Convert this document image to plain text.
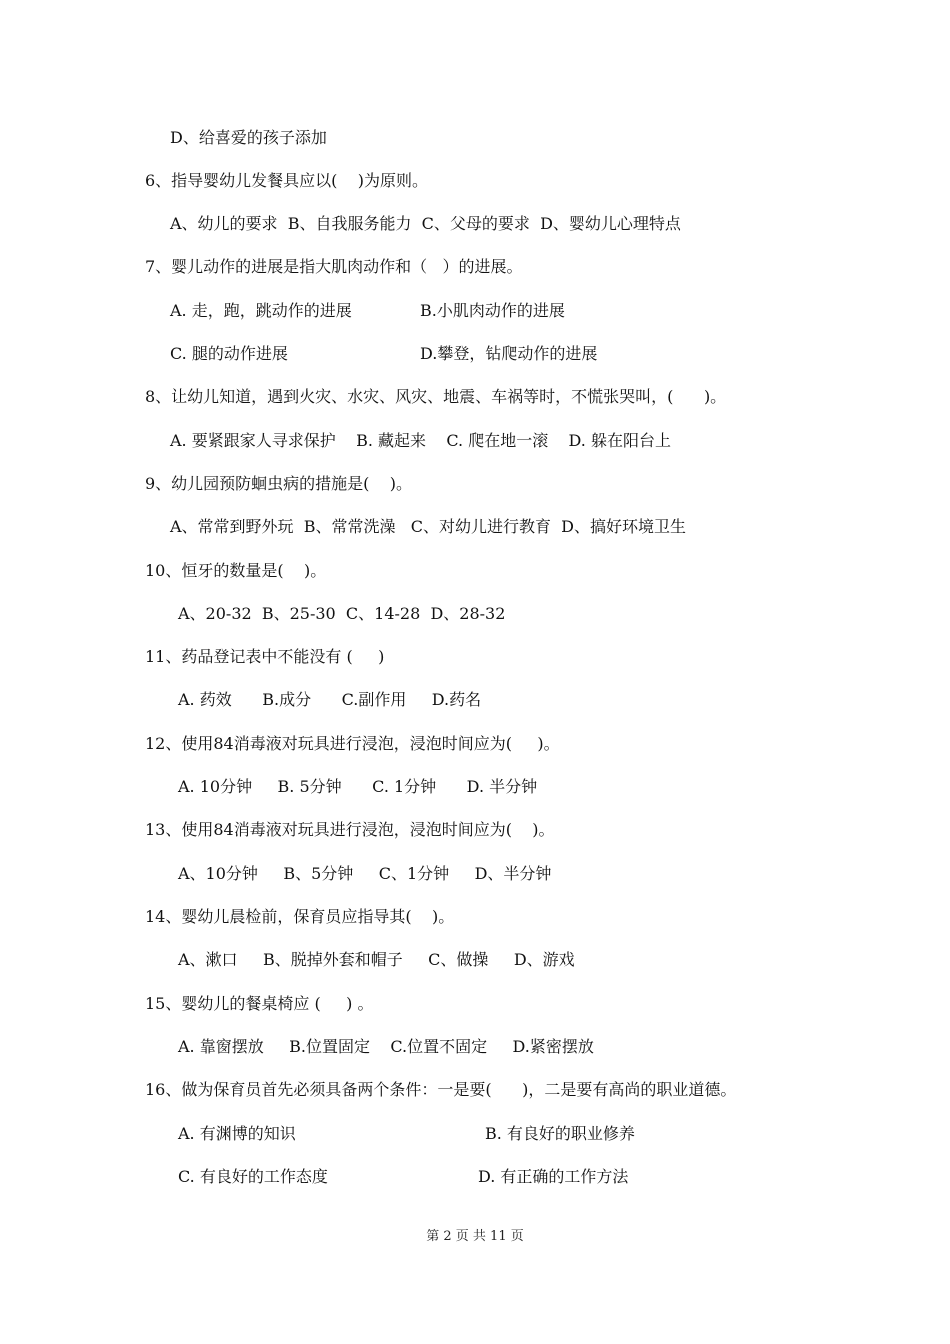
D、给喜爱的孩子添加
6、指导婴幼儿发餐具应以(    )为原则。
A、幼儿的要求  B、自我服务能力  C、父母的要求  D、婴幼儿心理特点
7、婴儿动作的进展是指大肌肉动作和（   ）的进展。
A. 走，跑，跳动作的进展	B.小肌肉动作的进展
C. 腿的动作进展	D.攀登，钻爬动作的进展
8、让幼儿知道，遇到火灾、水灾、风灾、地震、车祸等时，不慌张哭叫，(      )。
A. 要紧跟家人寻求保护    B. 藏起来    C. 爬在地一滚    D. 躲在阳台上
9、幼儿园预防蛔虫病的措施是(    )。
A、常常到野外玩  B、常常洗澡   C、对幼儿进行教育  D、搞好环境卫生
10、恒牙的数量是(    )。
A、20-32  B、25-30  C、14-28  D、28-32
11、药品登记表中不能没有 (     )
A. 药效      B.成分      C.副作用     D.药名
12、使用84消毒液对玩具进行浸泡，浸泡时间应为(     )。
A. 10分钟     B. 5分钟      C. 1分钟      D. 半分钟
13、使用84消毒液对玩具进行浸泡，浸泡时间应为(    )。
A、10分钟     B、5分钟     C、1分钟     D、半分钟
14、婴幼儿晨检前，保育员应指导其(    )。
A、漱口     B、脱掉外套和帽子     C、做操     D、游戏
15、婴幼儿的餐桌椅应 (     ) 。
A. 靠窗摆放     B.位置固定    C.位置不固定     D.紧密摆放
16、做为保育员首先必须具备两个条件：一是要(      )，二是要有高尚的职业道德。
A. 有渊博的知识	B. 有良好的职业修养
C. 有良好的工作态度	D. 有正确的工作方法
第 2 页 共 11 页
